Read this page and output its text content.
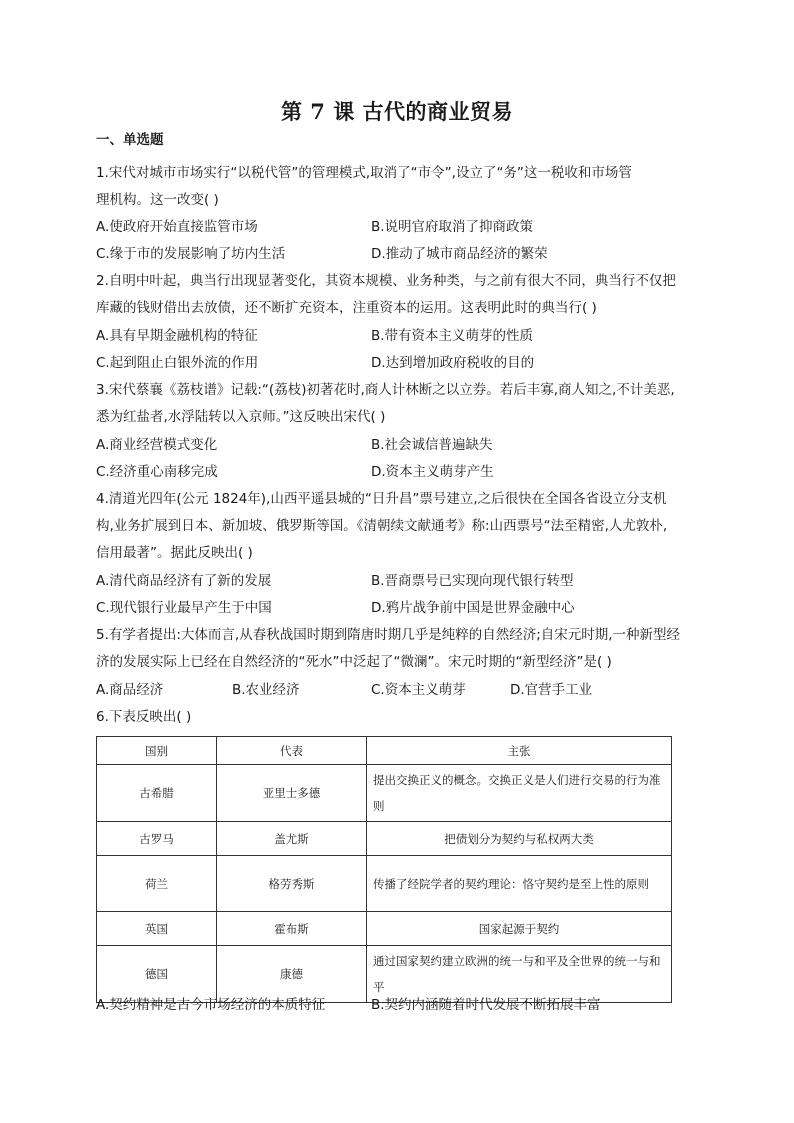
第 7 课 古代的商业贸易
一、单选题
1.宋代对城市市场实行“以税代管”的管理模式,取消了“市令”,设立了“务”这一税收和市场管
理机构。这一改变( )
A.使政府开始直接监管市场	B.说明官府取消了抑商政策
C.缘于市的发展影响了坊内生活	D.推动了城市商品经济的繁荣
2.自明中叶起，典当行出现显著变化，其资本规模、业务种类，与之前有很大不同，典当行不仅把
库藏的钱财借出去放债，还不断扩充资本，注重资本的运用。这表明此时的典当行( )
A.具有早期金融机构的特征	B.带有资本主义萌芽的性质
C.起到阻止白银外流的作用	D.达到增加政府税收的目的
3.宋代蔡襄《荔枝谱》记载:“(荔枝)初著花时,商人计林断之以立券。若后丰寡,商人知之,不计美恶,
悉为红盐者,水浮陆转以入京师。”这反映出宋代( )
A.商业经营模式变化	B.社会诚信普遍缺失
C.经济重心南移完成	D.资本主义萌芽产生
4.清道光四年(公元 1824年),山西平遥县城的“日升昌”票号建立,之后很快在全国各省设立分支机
构,业务扩展到日本、新加坡、俄罗斯等国。《清朝续文献通考》称:山西票号“法至精密,人尤敦朴,
信用最著”。据此反映出( )
A.清代商品经济有了新的发展	B.晋商票号已实现向现代银行转型
C.现代银行业最早产生于中国	D.鸦片战争前中国是世界金融中心
5.有学者提出:大体而言,从春秋战国时期到隋唐时期几乎是纯粹的自然经济;自宋元时期,一种新型经
济的发展实际上已经在自然经济的“死水”中泛起了“微澜”。宋元时期的“新型经济”是( )
A.商品经济	B.农业经济	C.资本主义萌芽	D.官营手工业
6.下表反映出( )
国别	代表	主张
古希腊	亚里士多德	提出交换正义的概念。交换正义是人们进行交易的行为准则
古罗马	盖尤斯	把债划分为契约与私权两大类
荷兰	格劳秀斯	传播了经院学者的契约理论：恪守契约是至上性的原则
英国	霍布斯	国家起源于契约
德国	康德	通过国家契约建立欧洲的统一与和平及全世界的统一与和平
A.契约精神是古今市场经济的本质特征	B.契约内涵随着时代发展不断拓展丰富
